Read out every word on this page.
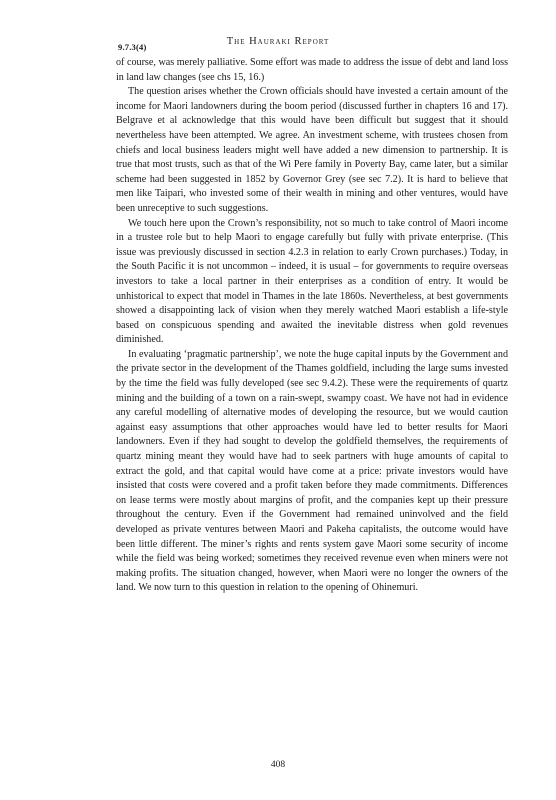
9.7.3(4)	The Hauraki Report

of course, was merely palliative. Some effort was made to address the issue of debt and land loss in land law changes (see chs 15, 16.)

The question arises whether the Crown officials should have invested a certain amount of the income for Maori landowners during the boom period (discussed further in chapters 16 and 17). Belgrave et al acknowledge that this would have been difficult but suggest that it should nevertheless have been attempted. We agree. An investment scheme, with trustees chosen from chiefs and local business leaders might well have added a new dimension to partnership. It is true that most trusts, such as that of the Wi Pere family in Poverty Bay, came later, but a similar scheme had been suggested in 1852 by Governor Grey (see sec 7.2). It is hard to believe that men like Taipari, who invested some of their wealth in mining and other ventures, would have been unreceptive to such suggestions.

We touch here upon the Crown’s responsibility, not so much to take control of Maori income in a trustee role but to help Maori to engage carefully but fully with private enterprise. (This issue was previously discussed in section 4.2.3 in relation to early Crown purchases.) Today, in the South Pacific it is not uncommon – indeed, it is usual – for governments to require overseas investors to take a local partner in their enterprises as a condition of entry. It would be unhistorical to expect that model in Thames in the late 1860s. Nevertheless, at best governments showed a disappointing lack of vision when they merely watched Maori establish a life-style based on conspicuous spending and awaited the inevitable distress when gold revenues diminished.

In evaluating ‘pragmatic partnership’, we note the huge capital inputs by the Government and the private sector in the development of the Thames goldfield, including the large sums invested by the time the field was fully developed (see sec 9.4.2). These were the requirements of quartz mining and the building of a town on a rain-swept, swampy coast. We have not had in evidence any careful modelling of alternative modes of developing the resource, but we would caution against easy assumptions that other approaches would have led to better results for Maori landowners. Even if they had sought to develop the goldfield themselves, the requirements of quartz mining meant they would have had to seek partners with huge amounts of capital to extract the gold, and that capital would have come at a price: private investors would have insisted that costs were covered and a profit taken before they made commitments. Differences on lease terms were mostly about margins of profit, and the companies kept up their pressure throughout the century. Even if the Government had remained uninvolved and the field developed as private ventures between Maori and Pakeha capitalists, the outcome would have been little different. The miner’s rights and rents system gave Maori some security of income while the field was being worked; sometimes they received revenue even when miners were not making profits. The situation changed, however, when Maori were no longer the owners of the land. We now turn to this question in relation to the opening of Ohinemuri.

408
